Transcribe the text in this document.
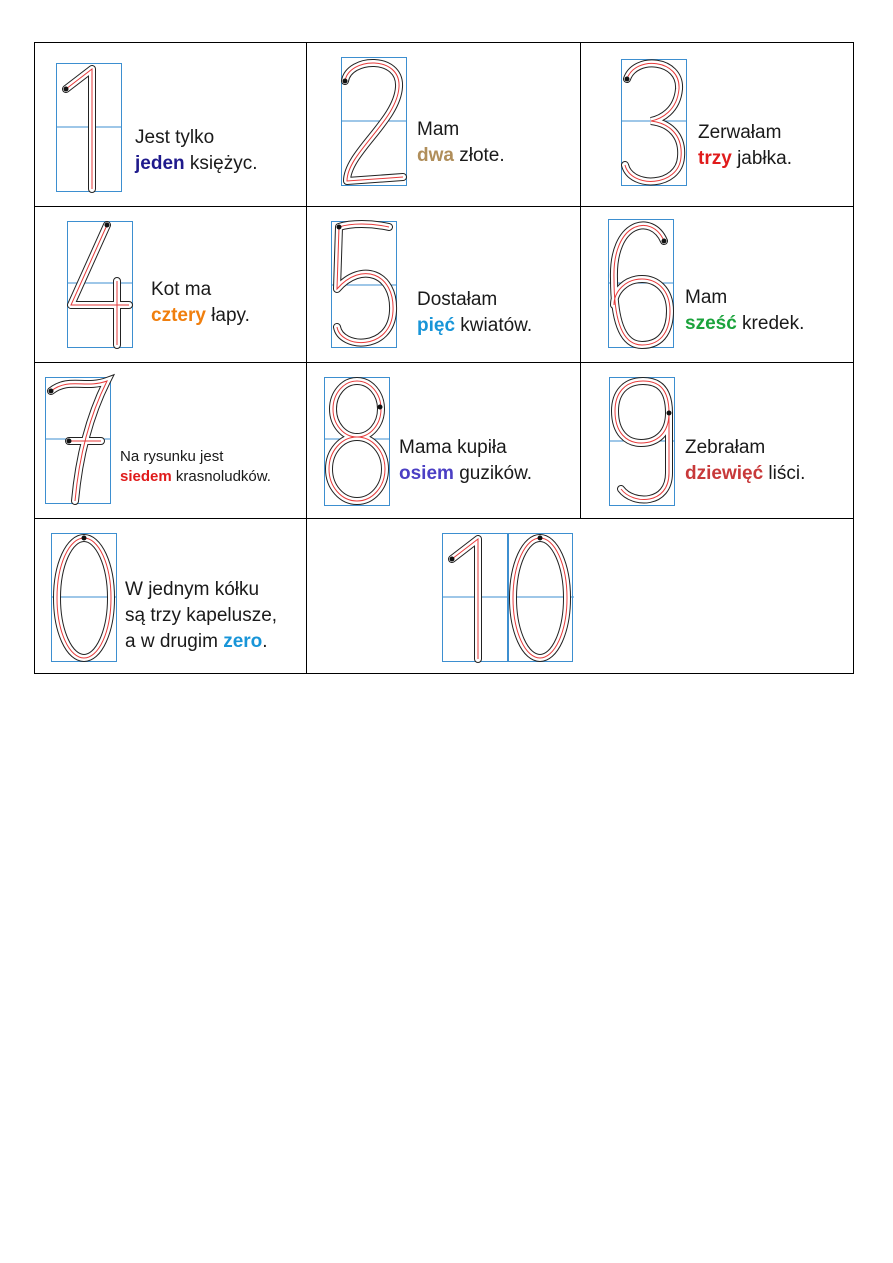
Jest tylko
jeden księżyc.
Mam
dwa złote.
Zerwałam
trzy jabłka.
Kot ma
cztery łapy.
Dostałam
pięć kwiatów.
Mam
sześć kredek.
Na rysunku jest
siedem krasnoludków.
Mama kupiła
osiem guzików.
Zebrałam
dziewięć liści.
W jednym kółku
są trzy kapelusze,
a w drugim zero.
